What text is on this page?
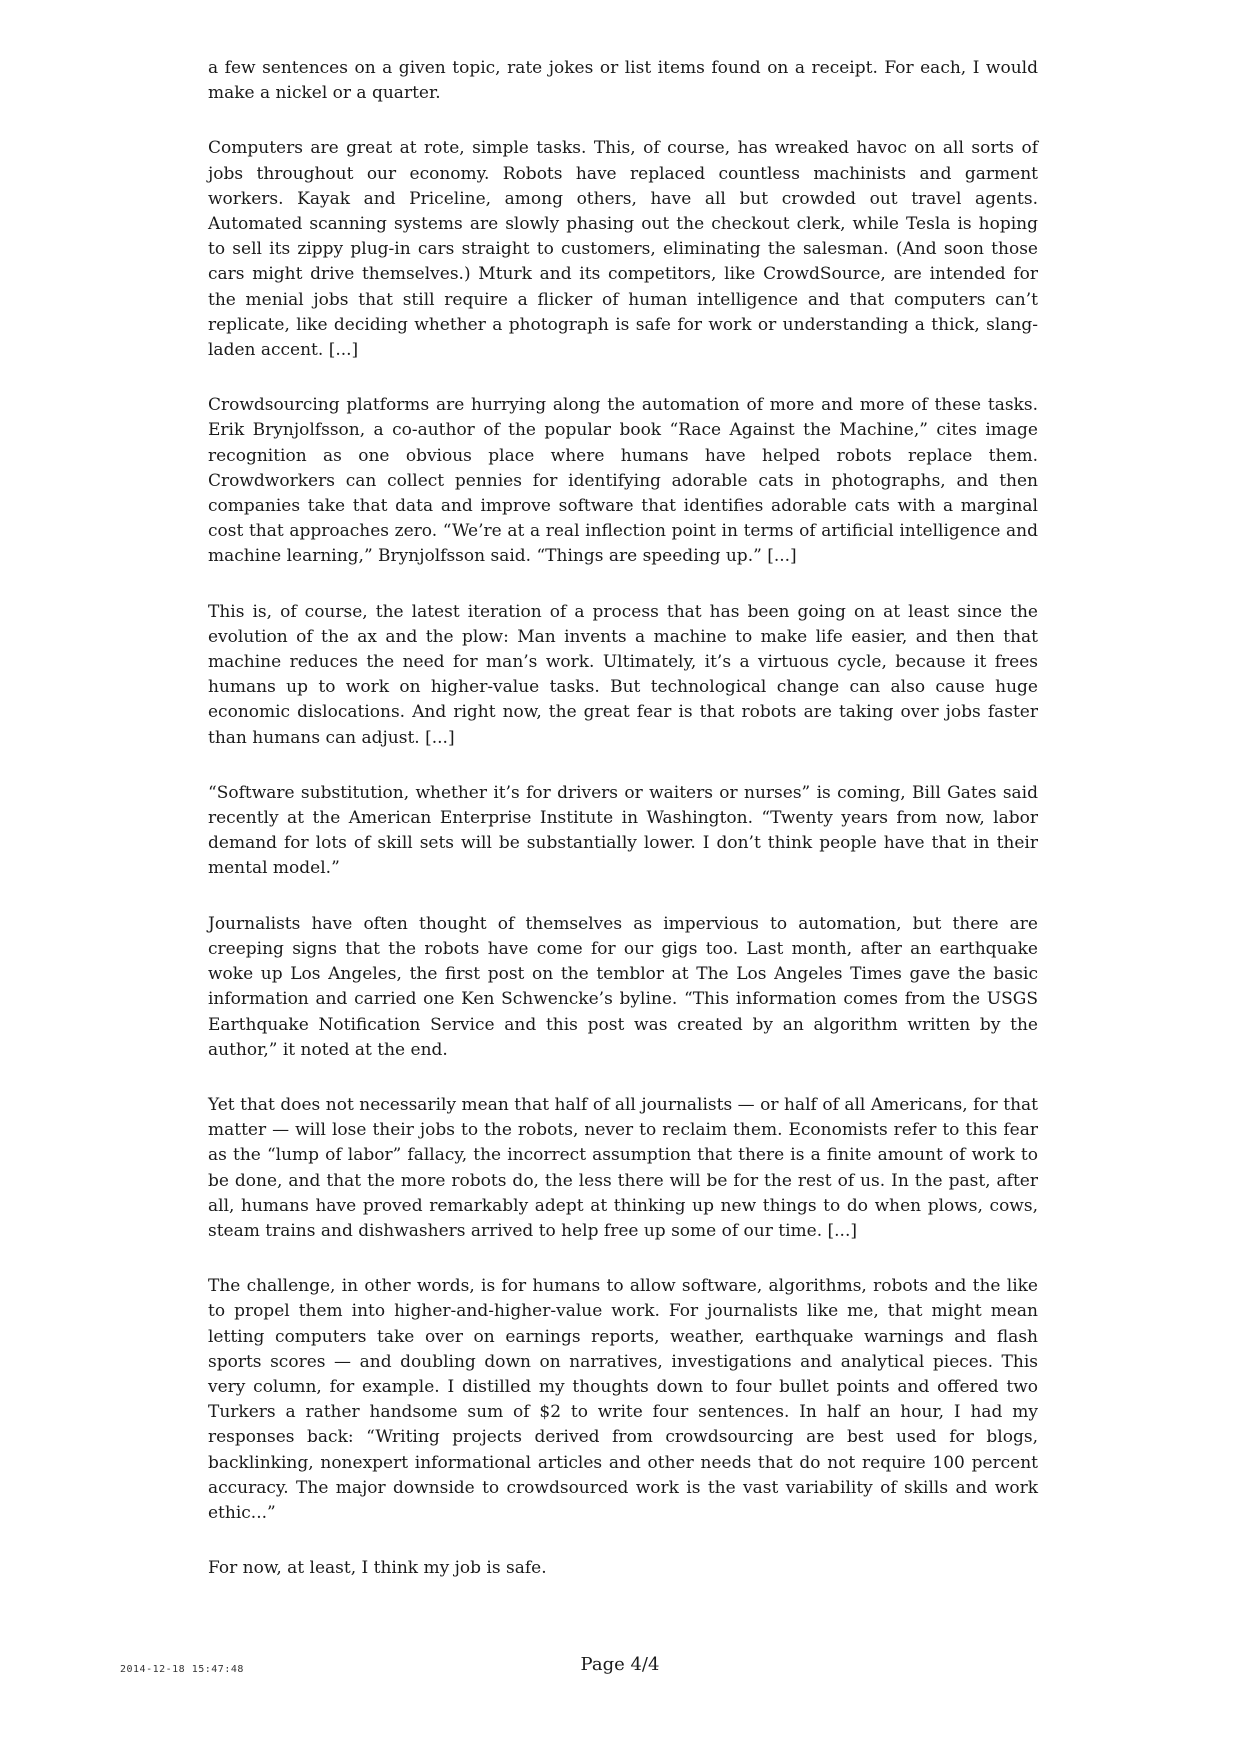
a few sentences on a given topic, rate jokes or list items found on a receipt. For each, I would make a nickel or a quarter.

Computers are great at rote, simple tasks. This, of course, has wreaked havoc on all sorts of jobs throughout our economy. Robots have replaced countless machinists and garment workers. Kayak and Priceline, among others, have all but crowded out travel agents. Automated scanning systems are slowly phasing out the checkout clerk, while Tesla is hoping to sell its zippy plug-in cars straight to customers, eliminating the salesman. (And soon those cars might drive themselves.) Mturk and its competitors, like CrowdSource, are intended for the menial jobs that still require a flicker of human intelligence and that computers can’t replicate, like deciding whether a photograph is safe for work or understanding a thick, slang-laden accent. [...]

Crowdsourcing platforms are hurrying along the automation of more and more of these tasks. Erik Brynjolfsson, a co-author of the popular book “Race Against the Machine,” cites image recognition as one obvious place where humans have helped robots replace them. Crowdworkers can collect pennies for identifying adorable cats in photographs, and then companies take that data and improve software that identifies adorable cats with a marginal cost that approaches zero. “We’re at a real inflection point in terms of artificial intelligence and machine learning,” Brynjolfsson said. “Things are speeding up.” [...]

This is, of course, the latest iteration of a process that has been going on at least since the evolution of the ax and the plow: Man invents a machine to make life easier, and then that machine reduces the need for man’s work. Ultimately, it’s a virtuous cycle, because it frees humans up to work on higher-value tasks. But technological change can also cause huge economic dislocations. And right now, the great fear is that robots are taking over jobs faster than humans can adjust. [...]

“Software substitution, whether it’s for drivers or waiters or nurses” is coming, Bill Gates said recently at the American Enterprise Institute in Washington. “Twenty years from now, labor demand for lots of skill sets will be substantially lower. I don’t think people have that in their mental model.”

Journalists have often thought of themselves as impervious to automation, but there are creeping signs that the robots have come for our gigs too. Last month, after an earthquake woke up Los Angeles, the first post on the temblor at The Los Angeles Times gave the basic information and carried one Ken Schwencke’s byline. “This information comes from the USGS Earthquake Notification Service and this post was created by an algorithm written by the author,” it noted at the end.

Yet that does not necessarily mean that half of all journalists — or half of all Americans, for that matter — will lose their jobs to the robots, never to reclaim them. Economists refer to this fear as the “lump of labor” fallacy, the incorrect assumption that there is a finite amount of work to be done, and that the more robots do, the less there will be for the rest of us. In the past, after all, humans have proved remarkably adept at thinking up new things to do when plows, cows, steam trains and dishwashers arrived to help free up some of our time. [...]

The challenge, in other words, is for humans to allow software, algorithms, robots and the like to propel them into higher-and-higher-value work. For journalists like me, that might mean letting computers take over on earnings reports, weather, earthquake warnings and flash sports scores — and doubling down on narratives, investigations and analytical pieces. This very column, for example. I distilled my thoughts down to four bullet points and offered two Turkers a rather handsome sum of $2 to write four sentences. In half an hour, I had my responses back: “Writing projects derived from crowdsourcing are best used for blogs, backlinking, nonexpert informational articles and other needs that do not require 100 percent accuracy. The major downside to crowdsourced work is the vast variability of skills and work ethic...”

For now, at least, I think my job is safe.

2014-12-18 15:47:48	Page 4/4
